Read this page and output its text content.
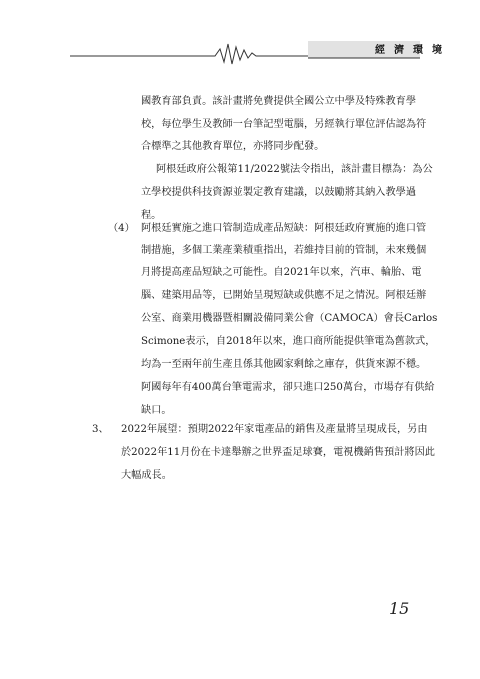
經濟環境
國教育部負責。該計畫將免費提供全國公立中學及特殊教育學
校，每位學生及教師一台筆記型電腦，另經執行單位評估認為符
合標準之其他教育單位，亦將同步配發。
阿根廷政府公報第11/2022號法令指出，該計畫目標為：為公
立學校提供科技資源並製定教育建議，以鼓勵將其納入教學過
程。
（4） 阿根廷實施之進口管制造成產品短缺：阿根廷政府實施的進口管
制措施，多個工業產業積重指出，若維持目前的管制，未來幾個
月將提高產品短缺之可能性。自2021年以來，汽車、輪胎、電
腦、建築用品等，已開始呈現短缺或供應不足之情況。阿根廷辦
公室、商業用機器暨相關設備同業公會（CAMOCA）會長Carlos
Scimone表示，自2018年以來，進口商所能提供筆電為舊款式，
均為一至兩年前生產且係其他國家剩餘之庫存，供貨來源不穩。
阿國每年有400萬台筆電需求，卻只進口250萬台，市場存有供給
缺口。
3、 2022年展望：預期2022年家電產品的銷售及產量將呈現成長，另由
於2022年11月份在卡達舉辦之世界盃足球賽，電視機銷售預計將因此
大幅成長。
15
